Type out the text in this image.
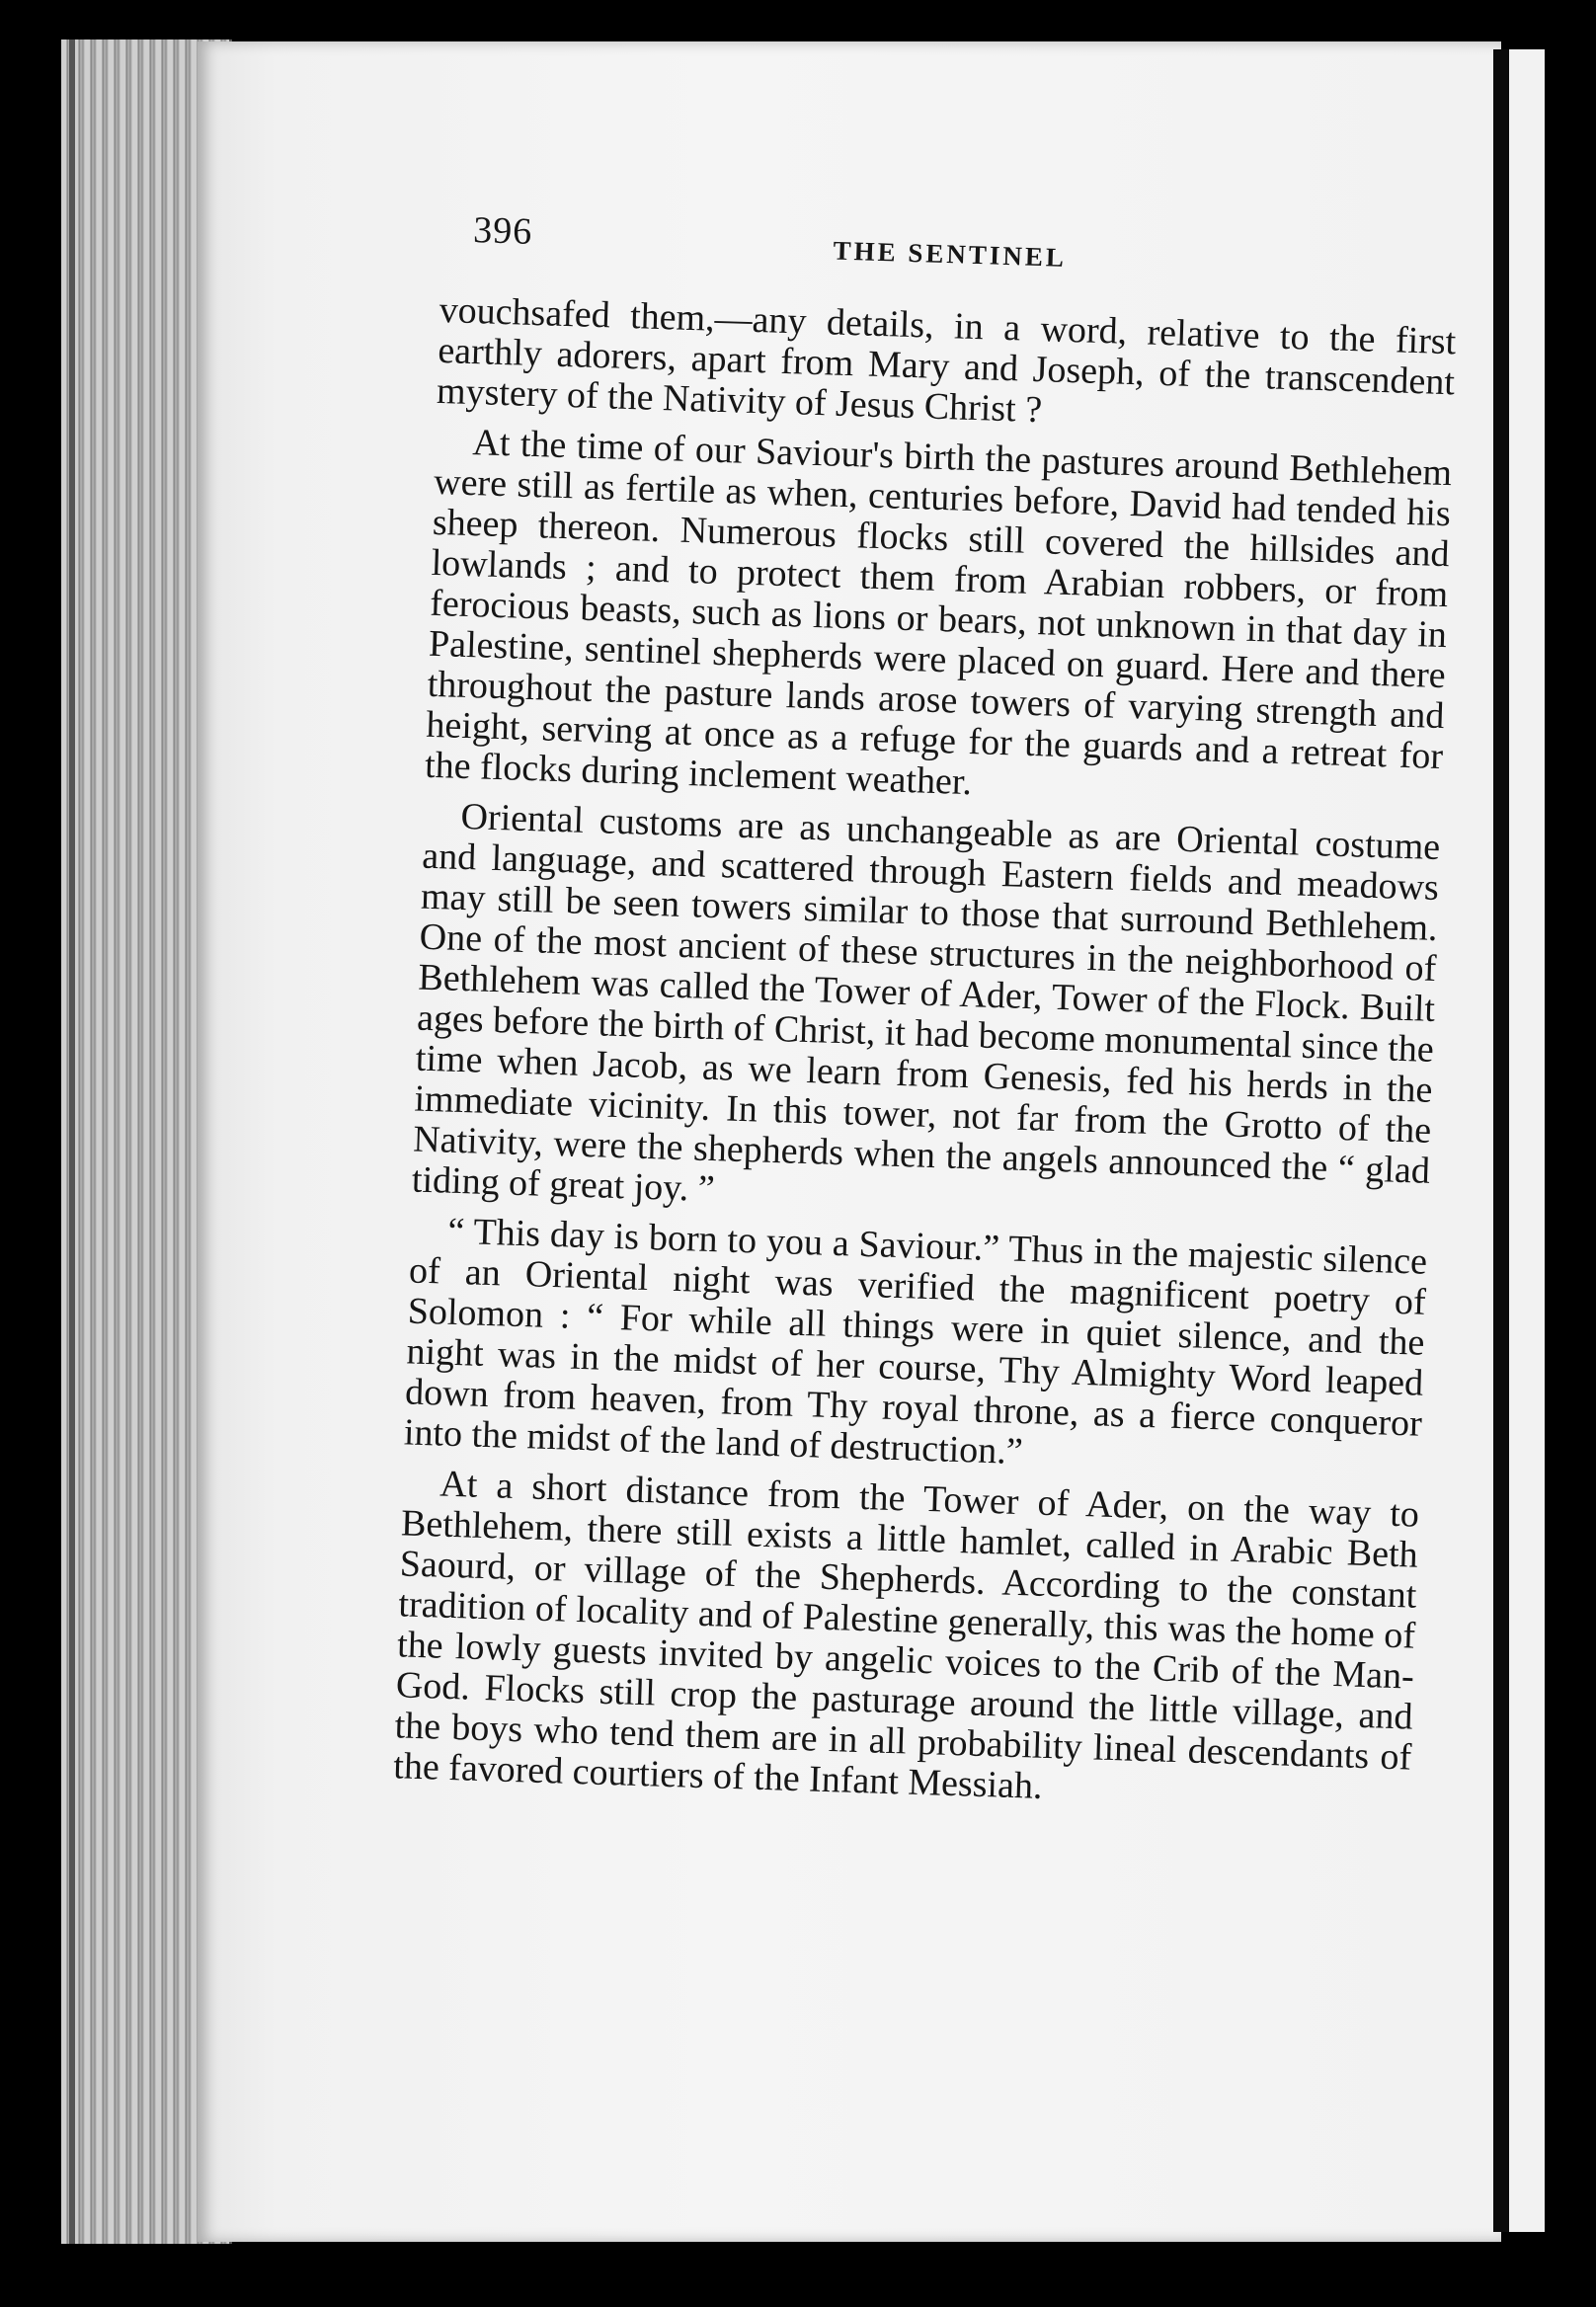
396
THE SENTINEL

vouchsafed them,—any details, in a word, relative to the first earthly adorers, apart from Mary and Joseph, of the transcendent mystery of the Nativity of Jesus Christ ?

At the time of our Saviour's birth the pastures around Bethlehem were still as fertile as when, centuries before, David had tended his sheep thereon. Numerous flocks still covered the hillsides and lowlands ; and to protect them from Arabian robbers, or from ferocious beasts, such as lions or bears, not unknown in that day in Palestine, sentinel shepherds were placed on guard. Here and there throughout the pasture lands arose towers of varying strength and height, serving at once as a refuge for the guards and a retreat for the flocks during inclement weather.

Oriental customs are as unchangeable as are Oriental costume and language, and scattered through Eastern fields and meadows may still be seen towers similar to those that surround Bethlehem. One of the most ancient of these structures in the neighborhood of Bethlehem was called the Tower of Ader, Tower of the Flock. Built ages before the birth of Christ, it had become monumental since the time when Jacob, as we learn from Genesis, fed his herds in the immediate vicinity. In this tower, not far from the Grotto of the Nativity, were the shepherds when the angels announced the “ glad tiding of great joy. ”

“ This day is born to you a Saviour.” Thus in the majestic silence of an Oriental night was verified the magnificent poetry of Solomon : “ For while all things were in quiet silence, and the night was in the midst of her course, Thy Almighty Word leaped down from heaven, from Thy royal throne, as a fierce conqueror into the midst of the land of destruction.”

At a short distance from the Tower of Ader, on the way to Bethlehem, there still exists a little hamlet, called in Arabic Beth Saourd, or village of the Shepherds. According to the constant tradition of locality and of Palestine generally, this was the home of the lowly guests invited by angelic voices to the Crib of the Man-God. Flocks still crop the pasturage around the little village, and the boys who tend them are in all probability lineal descendants of the favored courtiers of the Infant Messiah.
